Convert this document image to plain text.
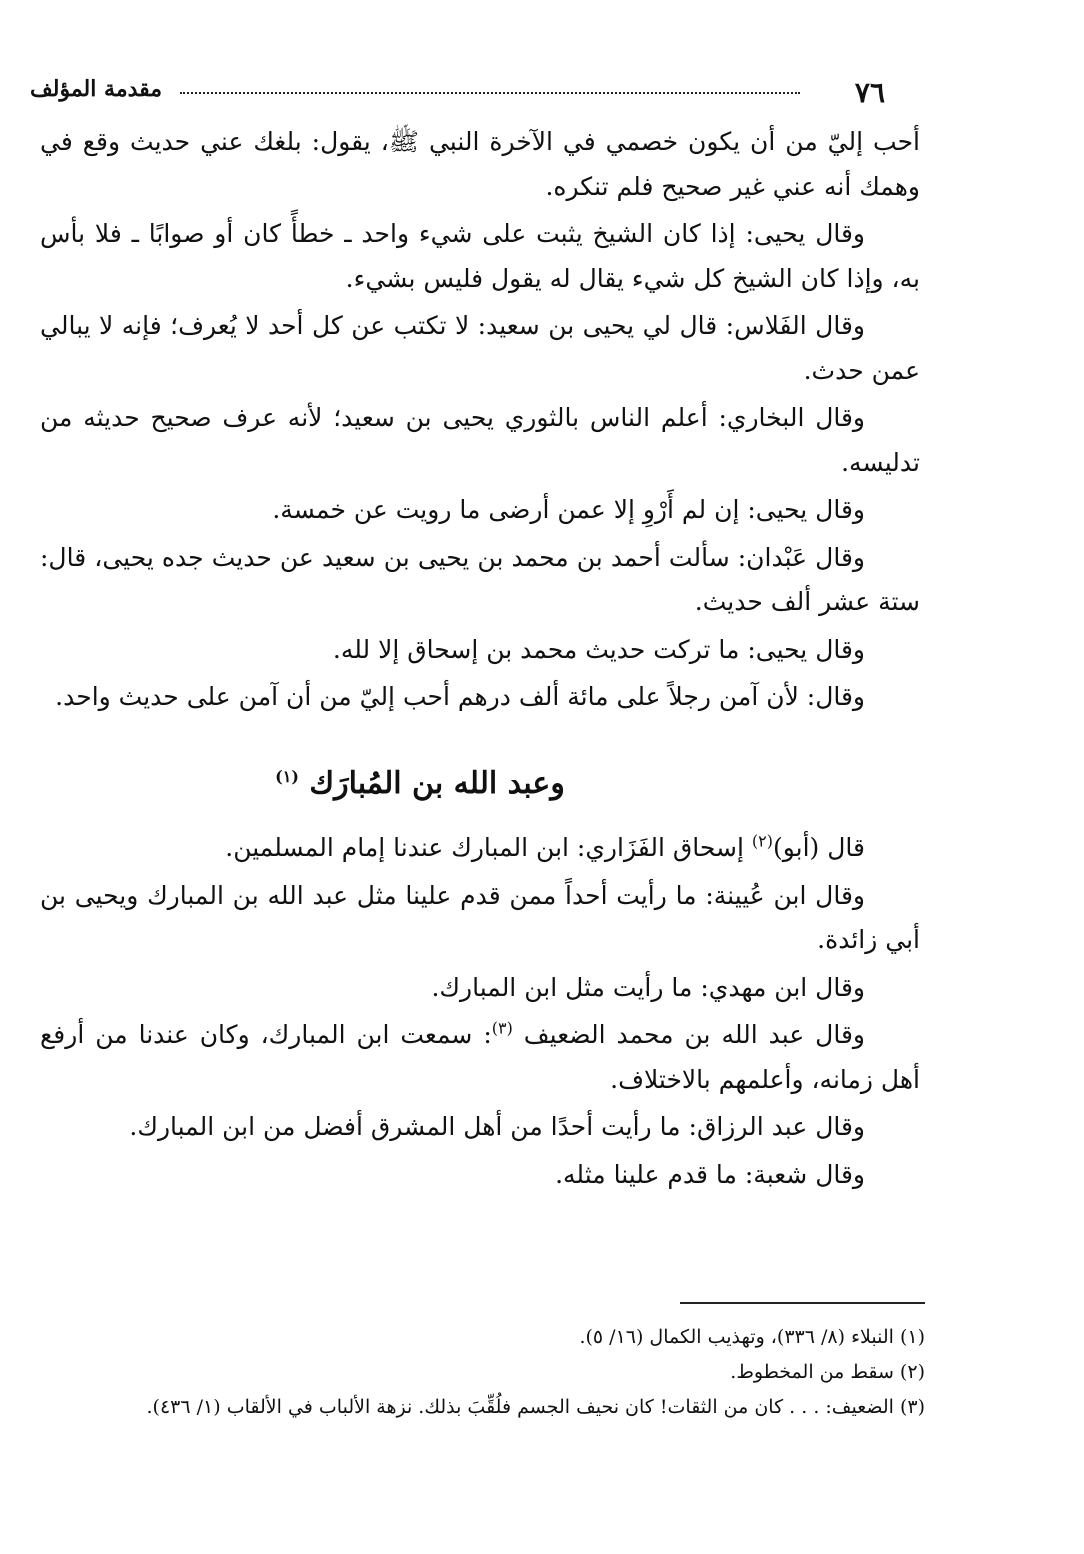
٧٦
مقدمة المؤلف

أحب إليّ من أن يكون خصمي في الآخرة النبي ﷺ، يقول: بلغك عني حديث وقع في وهمك أنه عني غير صحيح فلم تنكره.

وقال يحيى: إذا كان الشيخ يثبت على شيء واحد ـ خطأً كان أو صوابًا ـ فلا بأس به، وإذا كان الشيخ كل شيء يقال له يقول فليس بشيء.

وقال الفَلاس: قال لي يحيى بن سعيد: لا تكتب عن كل أحد لا يُعرف؛ فإنه لا يبالي عمن حدث.

وقال البخاري: أعلم الناس بالثوري يحيى بن سعيد؛ لأنه عرف صحيح حديثه من تدليسه.

وقال يحيى: إن لم أَرْوِ إلا عمن أرضى ما رويت عن خمسة.

وقال عَبْدان: سألت أحمد بن محمد بن يحيى بن سعيد عن حديث جده يحيى، قال: ستة عشر ألف حديث.

وقال يحيى: ما تركت حديث محمد بن إسحاق إلا لله.

وقال: لأن آمن رجلاً على مائة ألف درهم أحب إليّ من أن آمن على حديث واحد.

وعبد الله بن المُبارَك $^{(١)}$

قال (أبو)$^{(٢)}$ إسحاق الفَزَاري: ابن المبارك عندنا إمام المسلمين.

وقال ابن عُيينة: ما رأيت أحداً ممن قدم علينا مثل عبد الله بن المبارك ويحيى بن أبي زائدة.

وقال ابن مهدي: ما رأيت مثل ابن المبارك.

وقال عبد الله بن محمد الضعيف $^{(٣)}$: سمعت ابن المبارك، وكان عندنا من أرفع أهل زمانه، وأعلمهم بالاختلاف.

وقال عبد الرزاق: ما رأيت أحدًا من أهل المشرق أفضل من ابن المبارك.

وقال شعبة: ما قدم علينا مثله.

(١) النبلاء (٨/ ٣٣٦)، وتهذيب الكمال (١٦/ ٥).

(٢) سقط من المخطوط.

(٣) الضعيف: . . . كان من الثقات! كان نحيف الجسم فلُقِّبَ بذلك. نزهة الألباب في الألقاب (١/ ٤٣٦).
